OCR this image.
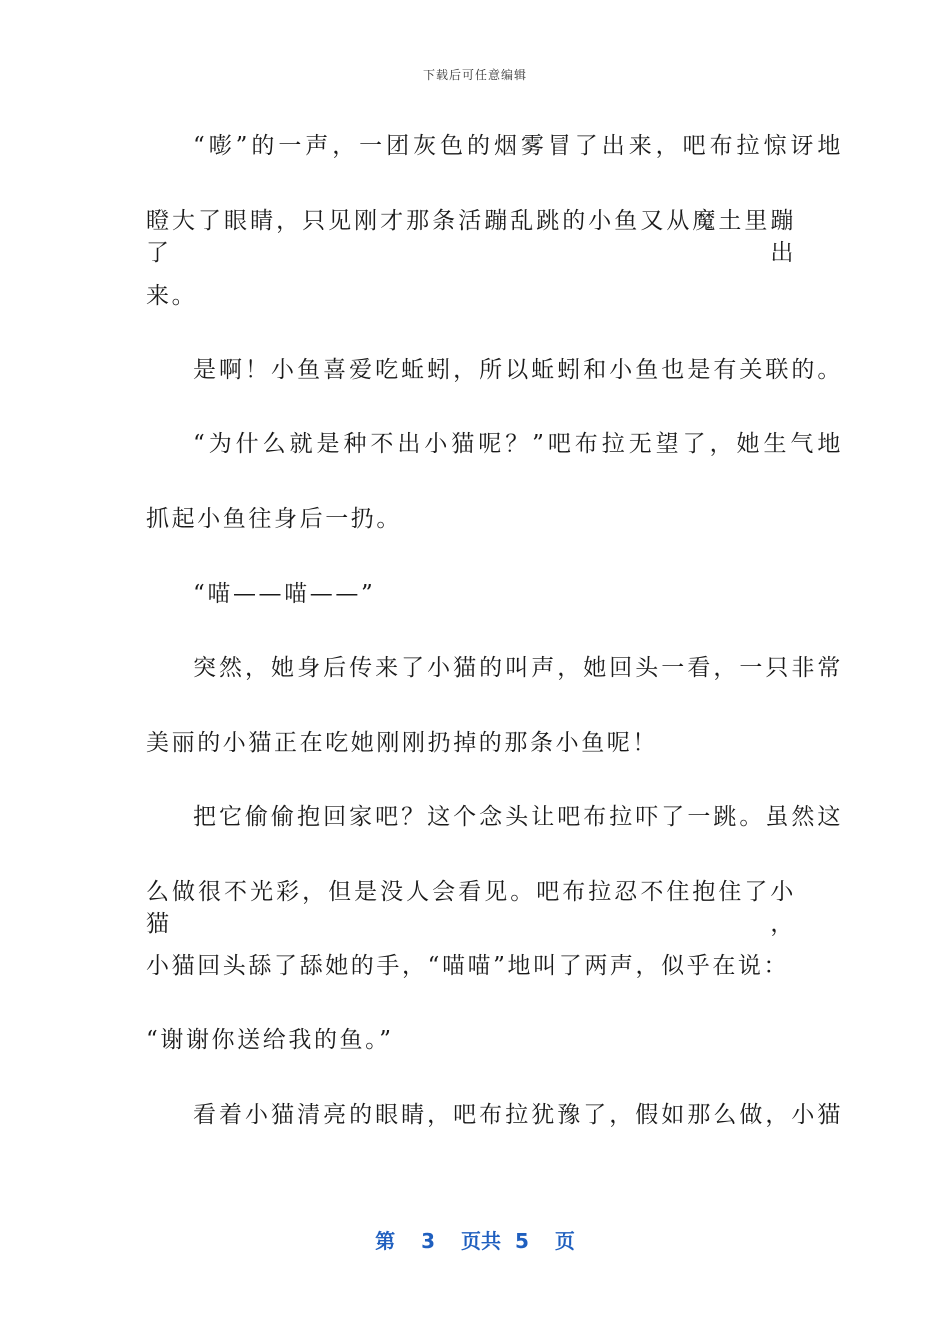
下载后可任意编辑
“嘭”的一声，一团灰色的烟雾冒了出来，吧布拉惊讶地
瞪大了眼睛，只见刚才那条活蹦乱跳的小鱼又从魔土里蹦了出
来。
是啊！小鱼喜爱吃蚯蚓，所以蚯蚓和小鱼也是有关联的。
“为什么就是种不出小猫呢？”吧布拉无望了，她生气地
抓起小鱼往身后一扔。
“喵——喵——”
突然，她身后传来了小猫的叫声，她回头一看，一只非常
美丽的小猫正在吃她刚刚扔掉的那条小鱼呢！
把它偷偷抱回家吧？这个念头让吧布拉吓了一跳。虽然这
么做很不光彩，但是没人会看见。吧布拉忍不住抱住了小猫，
小猫回头舔了舔她的手，“喵喵”地叫了两声，似乎在说：
“谢谢你送给我的鱼。”
看着小猫清亮的眼睛，吧布拉犹豫了，假如那么做，小猫
第 3 页共 5 页
